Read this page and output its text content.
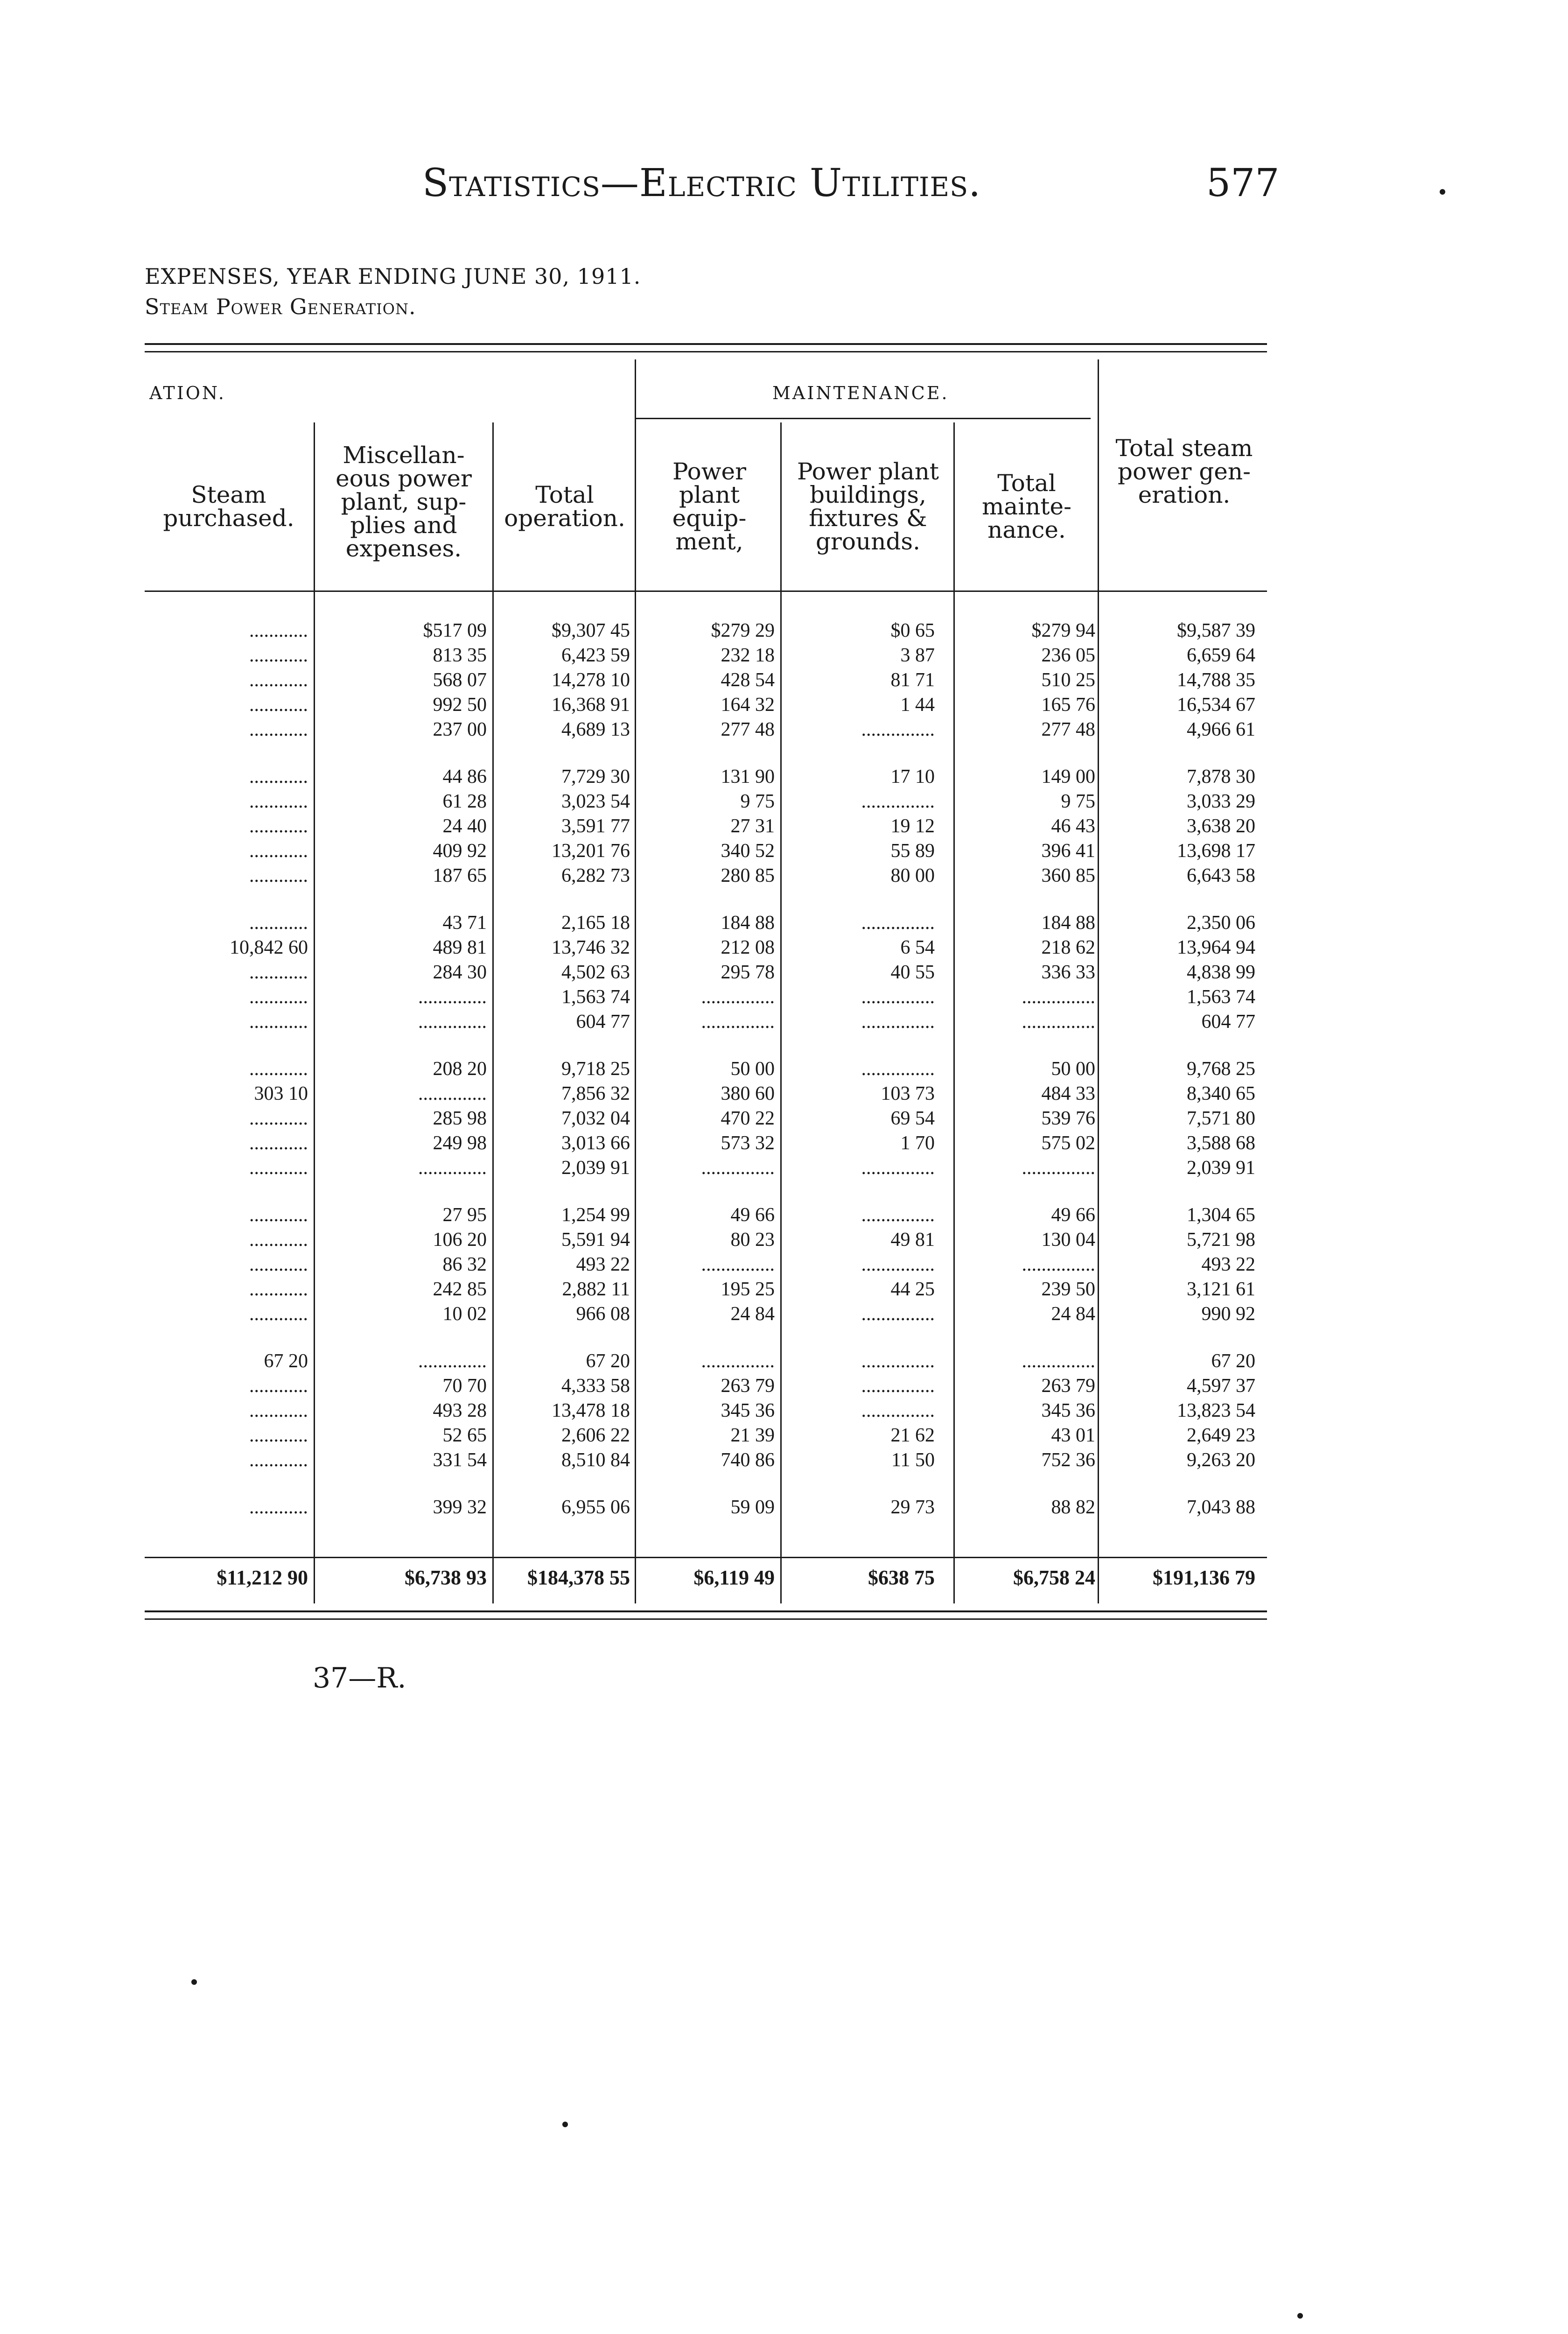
Statistics—Electric Utilities.	577
EXPENSES, YEAR ENDING JUNE 30, 1911.
Steam Power Generation.
ATION.	MAINTENANCE.
Steam purchased.
Miscellan-
eous power
plant, sup-
plies and
expenses.
Total
operation.
Power
plant
equip-
ment,
Power plant
buildings,
fixtures &
grounds.
Total
mainte-
nance.
Total steam
power gen-
eration.
............	$517 09	$9,307 45	$279 29	$0 65	$279 94	$9,587 39
............	813 35	6,423 59	232 18	3 87	236 05	6,659 64
............	568 07	14,278 10	428 54	81 71	510 25	14,788 35
............	992 50	16,368 91	164 32	1 44	165 76	16,534 67
............	237 00	4,689 13	277 48	...............	277 48	4,966 61
............	44 86	7,729 30	131 90	17 10	149 00	7,878 30
............	61 28	3,023 54	9 75	...............	9 75	3,033 29
............	24 40	3,591 77	27 31	19 12	46 43	3,638 20
............	409 92	13,201 76	340 52	55 89	396 41	13,698 17
............	187 65	6,282 73	280 85	80 00	360 85	6,643 58
............	43 71	2,165 18	184 88	...............	184 88	2,350 06
10,842 60	489 81	13,746 32	212 08	6 54	218 62	13,964 94
............	284 30	4,502 63	295 78	40 55	336 33	4,838 99
............	..............	1,563 74	...............	...............	...............	1,563 74
............	..............	604 77	...............	...............	...............	604 77
............	208 20	9,718 25	50 00	...............	50 00	9,768 25
303 10	..............	7,856 32	380 60	103 73	484 33	8,340 65
............	285 98	7,032 04	470 22	69 54	539 76	7,571 80
............	249 98	3,013 66	573 32	1 70	575 02	3,588 68
............	..............	2,039 91	...............	...............	...............	2,039 91
............	27 95	1,254 99	49 66	...............	49 66	1,304 65
............	106 20	5,591 94	80 23	49 81	130 04	5,721 98
............	86 32	493 22	...............	...............	...............	493 22
............	242 85	2,882 11	195 25	44 25	239 50	3,121 61
............	10 02	966 08	24 84	...............	24 84	990 92
67 20	..............	67 20	...............	...............	...............	67 20
............	70 70	4,333 58	263 79	...............	263 79	4,597 37
............	493 28	13,478 18	345 36	...............	345 36	13,823 54
............	52 65	2,606 22	21 39	21 62	43 01	2,649 23
............	331 54	8,510 84	740 86	11 50	752 36	9,263 20
............	399 32	6,955 06	59 09	29 73	88 82	7,043 88
$11,212 90	$6,738 93 $184,378 55	$6,119 49	$638 75	$6,758 24	$191,136 79
37—R.
